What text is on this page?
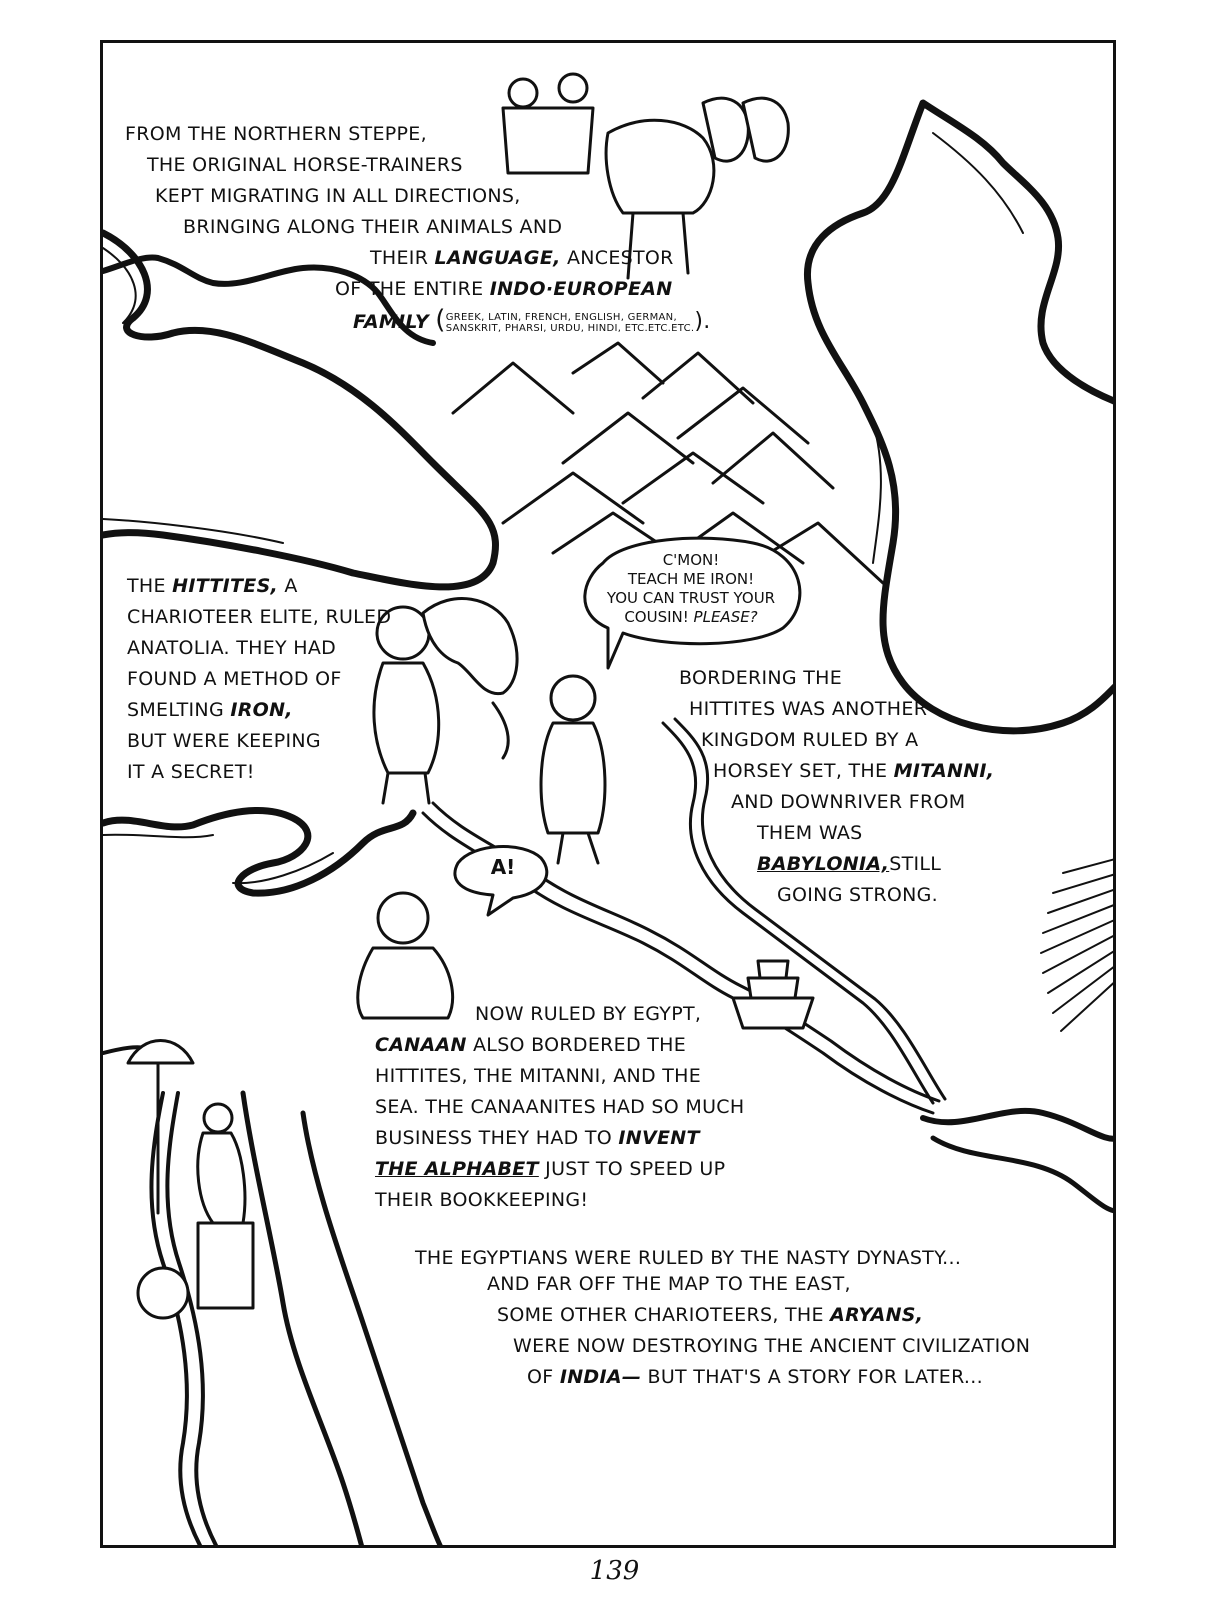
FROM THE NORTHERN STEPPE,
THE ORIGINAL HORSE-TRAINERS
KEPT MIGRATING IN ALL DIRECTIONS,
BRINGING ALONG THEIR ANIMALS AND
THEIR LANGUAGE, ANCESTOR
OF THE ENTIRE INDO·EUROPEAN
FAMILY (GREEK, LATIN, FRENCH, ENGLISH, GERMAN,
SANSKRIT, PHARSI, URDU, HINDI, ETC.ETC.ETC.).
THE HITTITES, A
CHARIOTEER ELITE, RULED
ANATOLIA. THEY HAD
FOUND A METHOD OF
SMELTING IRON,
BUT WERE KEEPING
IT A SECRET!
C'MON!
TEACH ME IRON!
YOU CAN TRUST YOUR
COUSIN! PLEASE?
A!
BORDERING THE
HITTITES WAS ANOTHER
KINGDOM RULED BY A
HORSEY SET, THE MITANNI,
AND DOWNRIVER FROM
THEM WAS
BABYLONIA,STILL
GOING STRONG.
NOW RULED BY EGYPT,
CANAAN ALSO BORDERED THE
HITTITES, THE MITANNI, AND THE
SEA. THE CANAANITES HAD SO MUCH
BUSINESS THEY HAD TO INVENT
THE ALPHABET JUST TO SPEED UP
THEIR BOOKKEEPING!
THE EGYPTIANS WERE RULED BY THE NASTY DYNASTY...
AND FAR OFF THE MAP TO THE EAST,
SOME OTHER CHARIOTEERS, THE ARYANS,
WERE NOW DESTROYING THE ANCIENT CIVILIZATION
OF INDIA— BUT THAT'S A STORY FOR LATER...
139
